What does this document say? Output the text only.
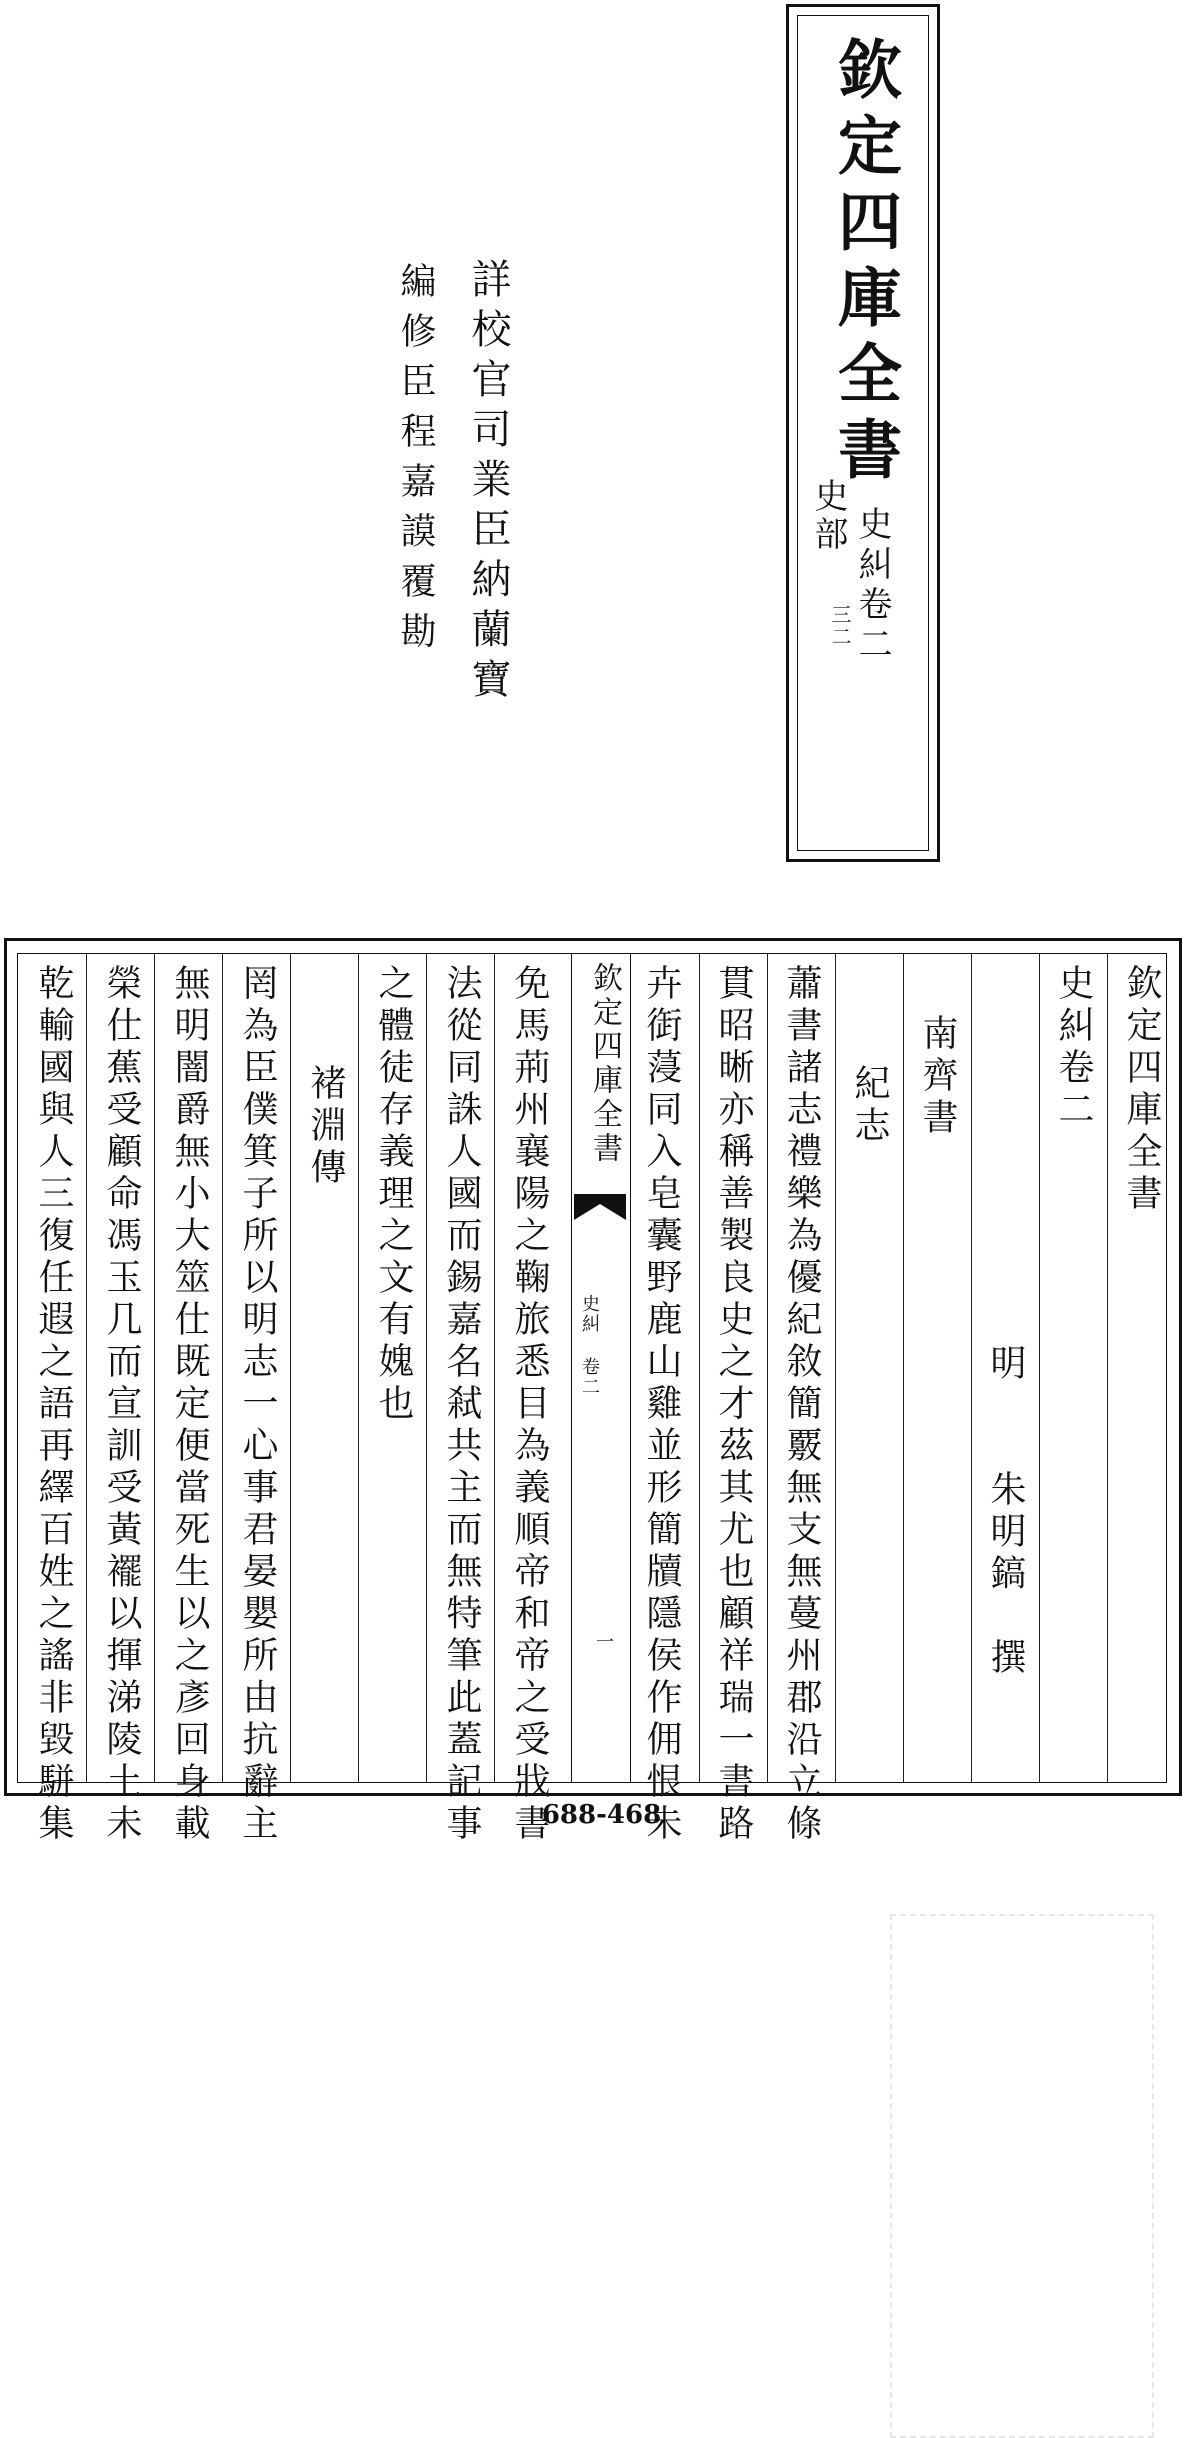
欽定四庫全書
史部 史糾卷二
三二
詳校官司業臣納蘭寶
編修臣程嘉謨覆勘
欽定四庫全書
史糾卷二
明　　朱明鎬　撰
南齊書
紀志
蕭書諸志禮樂為優紀敘簡覈無支無蔓州郡沿立條
貫昭晰亦稱善製良史之才茲其尤也顧祥瑞一書路
卉衘蓡同入皂囊野鹿山雞並形簡牘隱侯作佣恨未
欽定四庫全書
史糾 卷二
一
免馬荊州襄陽之鞠旅悉目為義順帝和帝之受戕書
法從同誅人國而錫嘉名弒共主而無特筆此蓋記事
之體徒存義理之文有媿也
褚淵傳
罔為臣僕箕子所以明志一心事君晏嬰所由抗辭主
無明闇爵無小大筮仕既定便當死生以之彥回身載
榮仕蕉受顧命馮玉几而宣訓受黃襬以揮涕陵土未
乾輸國與人三復任遐之語再繹百姓之謠非毀駢集	688-468
